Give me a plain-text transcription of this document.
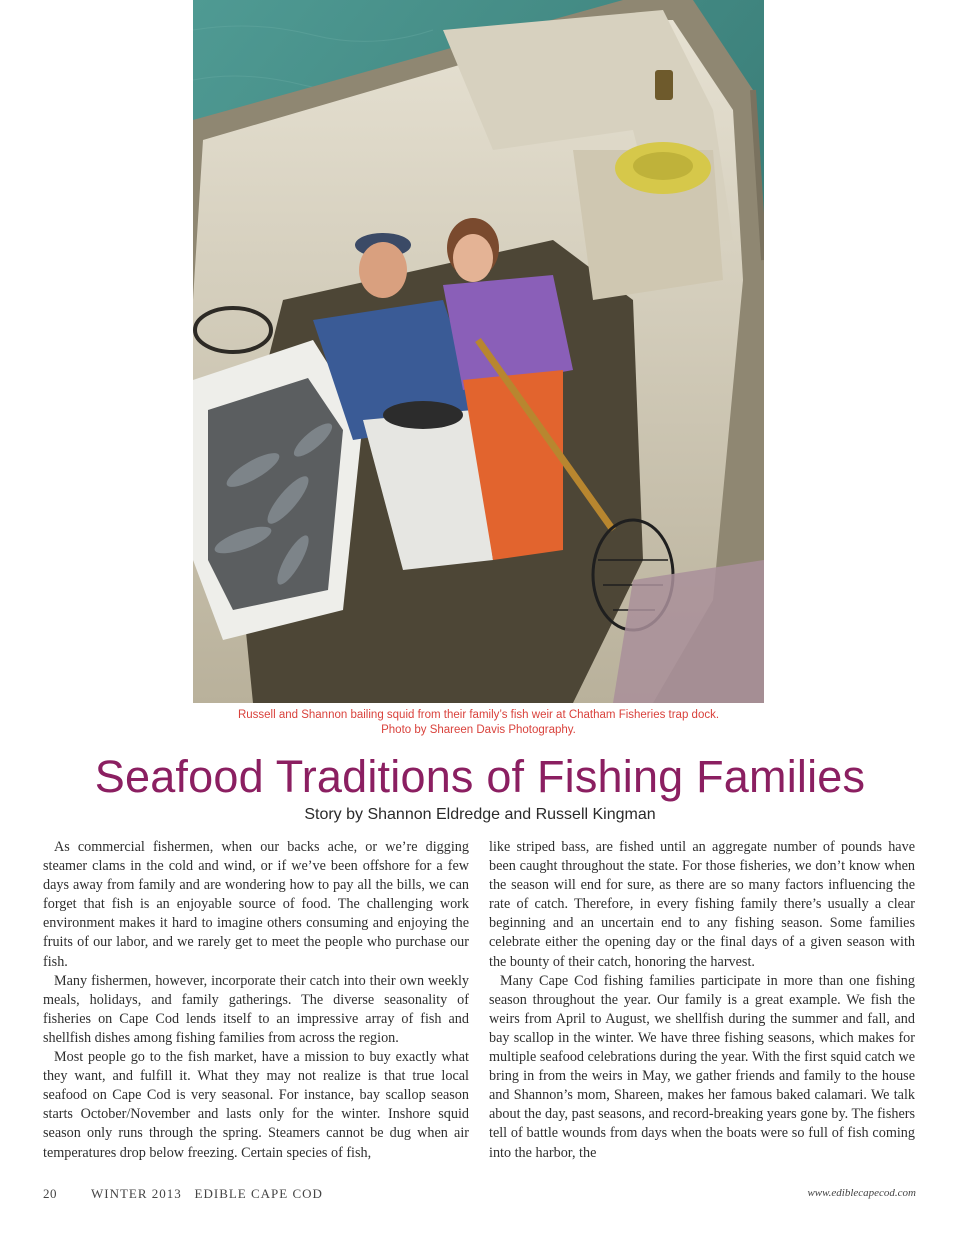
Russell and Shannon bailing squid from their family’s fish weir at Chatham Fisheries trap dock.
Photo by Shareen Davis Photography.
Seafood Traditions of Fishing Families
Story by Shannon Eldredge and Russell Kingman

As commercial fishermen, when our backs ache, or we’re digging steamer clams in the cold and wind, or if we’ve been offshore for a few days away from family and are wondering how to pay all the bills, we can forget that fish is an enjoyable source of food. The challenging work environment makes it hard to imagine others consuming and enjoying the fruits of our labor, and we rarely get to meet the people who purchase our fish.

Many fishermen, however, incorporate their catch into their own weekly meals, holidays, and family gatherings. The diverse seasonality of fisheries on Cape Cod lends itself to an impressive array of fish and shellfish dishes among fishing families from across the region.

Most people go to the fish market, have a mission to buy exactly what they want, and fulfill it. What they may not realize is that true local seafood on Cape Cod is very seasonal. For instance, bay scallop season starts October/November and lasts only for the winter. Inshore squid season only runs through the spring. Steamers cannot be dug when air temperatures drop below freezing. Certain species of fish,

like striped bass, are fished until an aggregate number of pounds have been caught throughout the state. For those fisheries, we don’t know when the season will end for sure, as there are so many factors influencing the rate of catch. Therefore, in every fishing family there’s usually a clear beginning and an uncertain end to any fishing season. Some families celebrate either the opening day or the final days of a given season with the bounty of their catch, honoring the harvest.

Many Cape Cod fishing families participate in more than one fishing season throughout the year. Our family is a great example. We fish the weirs from April to August, we shellfish during the summer and fall, and bay scallop in the winter. We have three fishing seasons, which makes for multiple seafood celebrations during the year. With the first squid catch we bring in from the weirs in May, we gather friends and family to the house and Shannon’s mom, Shareen, makes her famous baked calamari. We talk about the day, past seasons, and record-breaking years gone by. The fishers tell of battle wounds from days when the boats were so full of fish coming into the harbor, the

20	WINTER 2013   EDIBLE CAPE COD	www.ediblecapecod.com
